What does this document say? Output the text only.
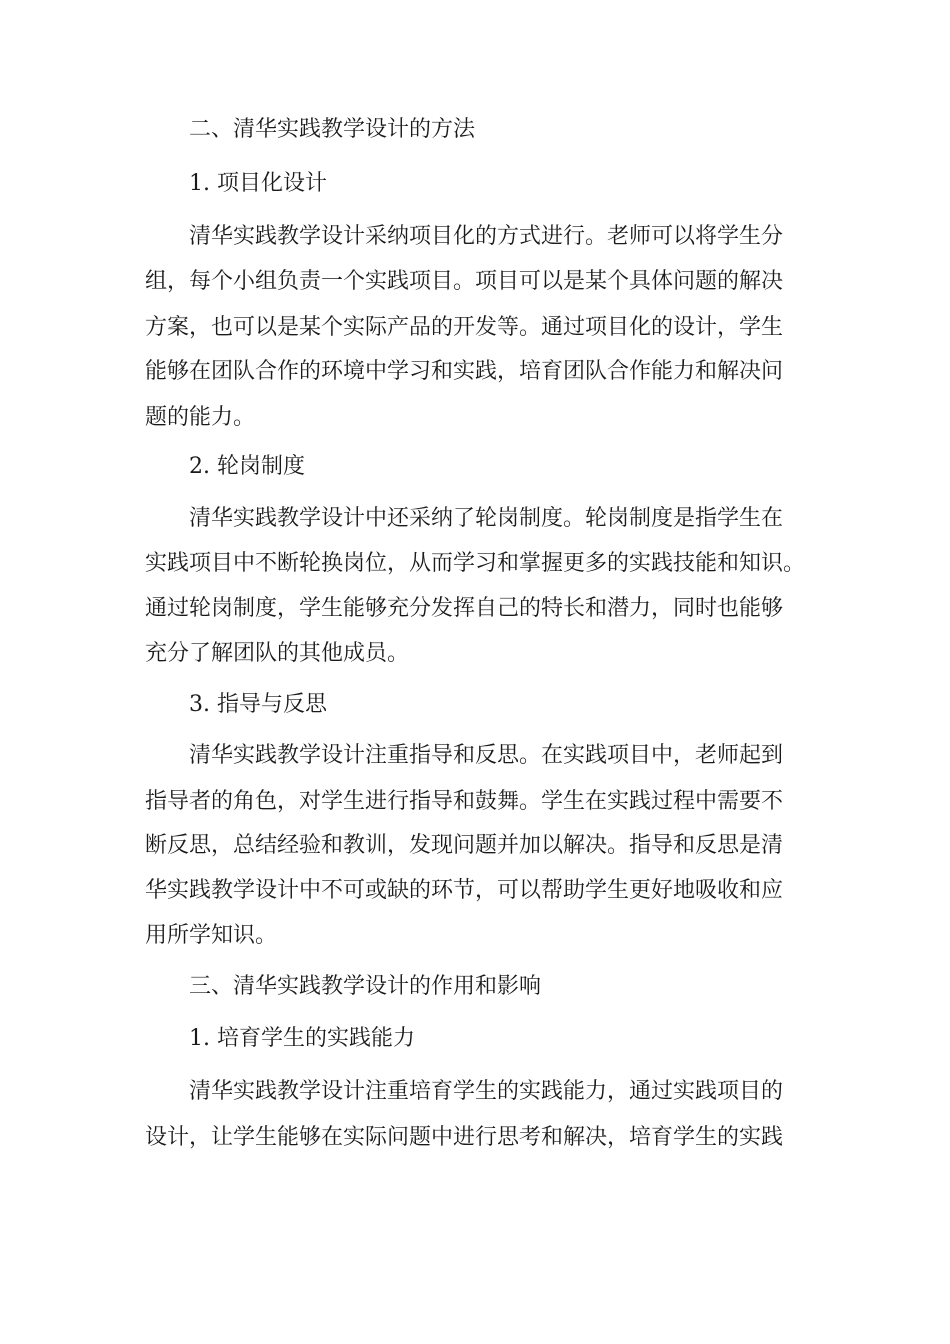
二、清华实践教学设计的方法
1. 项目化设计
清华实践教学设计采纳项目化的方式进行。老师可以将学生分
组，每个小组负责一个实践项目。项目可以是某个具体问题的解决
方案，也可以是某个实际产品的开发等。通过项目化的设计，学生
能够在团队合作的环境中学习和实践，培育团队合作能力和解决问
题的能力。
2. 轮岗制度
清华实践教学设计中还采纳了轮岗制度。轮岗制度是指学生在
实践项目中不断轮换岗位，从而学习和掌握更多的实践技能和知识。
通过轮岗制度，学生能够充分发挥自己的特长和潜力，同时也能够
充分了解团队的其他成员。
3. 指导与反思
清华实践教学设计注重指导和反思。在实践项目中，老师起到
指导者的角色，对学生进行指导和鼓舞。学生在实践过程中需要不
断反思，总结经验和教训，发现问题并加以解决。指导和反思是清
华实践教学设计中不可或缺的环节，可以帮助学生更好地吸收和应
用所学知识。
三、清华实践教学设计的作用和影响
1. 培育学生的实践能力
清华实践教学设计注重培育学生的实践能力，通过实践项目的
设计，让学生能够在实际问题中进行思考和解决，培育学生的实践
